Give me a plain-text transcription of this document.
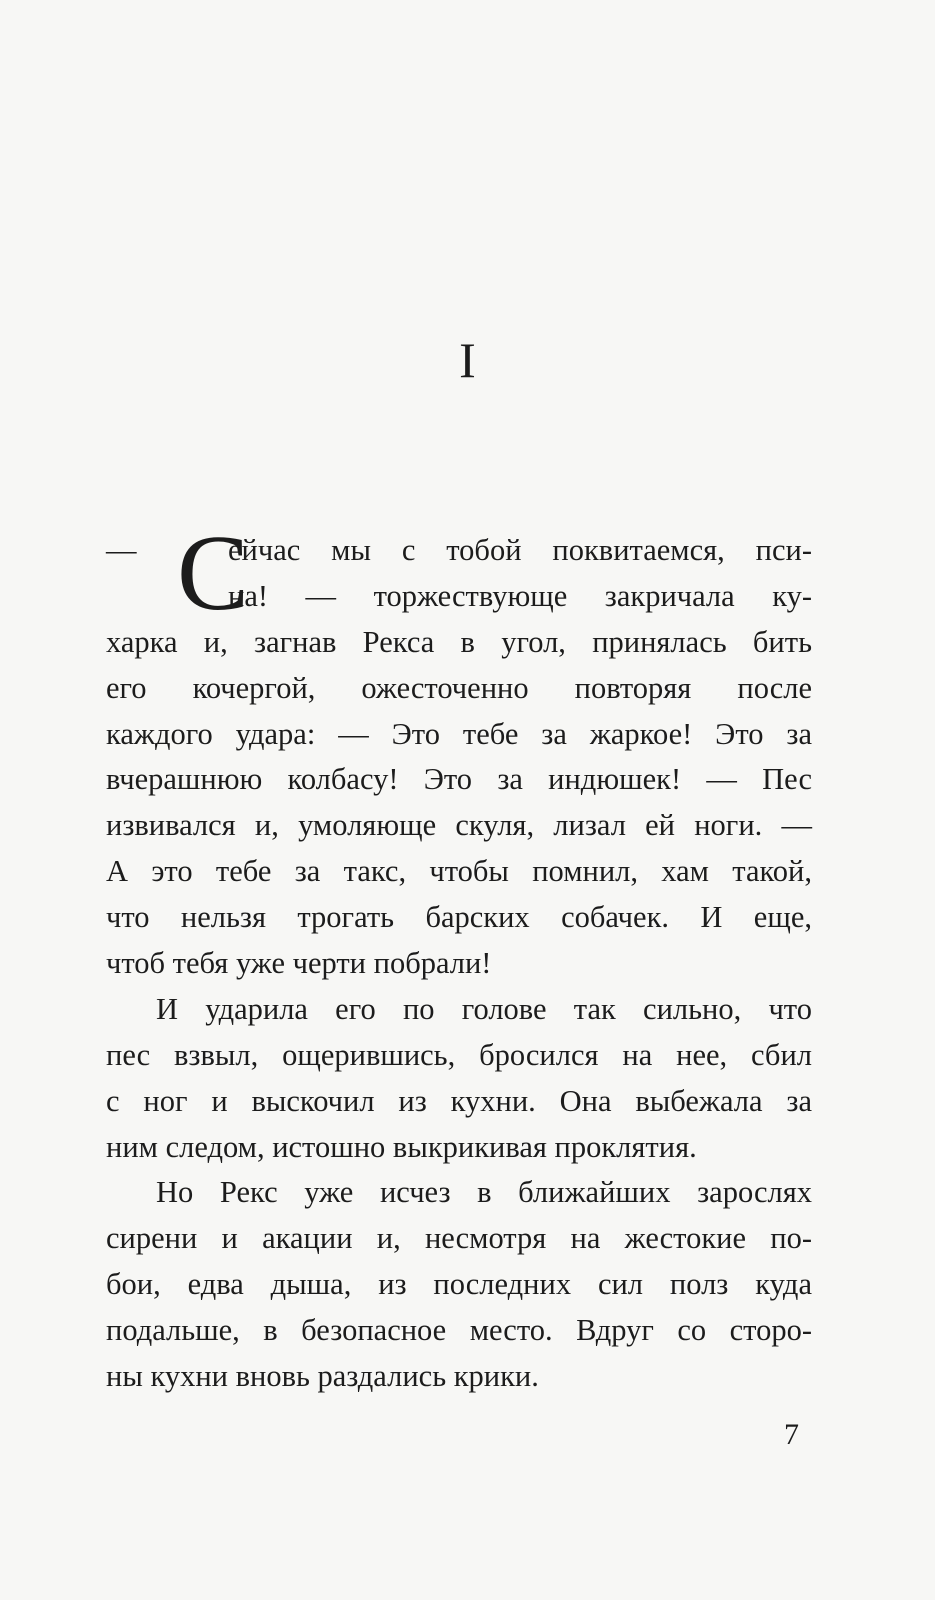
I
— С
ейчас мы с тобой поквитаемся, пси-
на! — торжествующе закричала ку-
харка и, загнав Рекса в угол, принялась бить
его кочергой, ожесточенно повторяя после
каждого удара: — Это тебе за жаркое! Это за
вчерашнюю колбасу! Это за индюшек! — Пес
извивался и, умоляюще скуля, лизал ей ноги. —
А это тебе за такс, чтобы помнил, хам такой,
что нельзя трогать барских собачек. И еще,
чтоб тебя уже черти побрали!
И ударила его по голове так сильно, что
пес взвыл, ощерившись, бросился на нее, сбил
с ног и выскочил из кухни. Она выбежала за
ним следом, истошно выкрикивая проклятия.
Но Рекс уже исчез в ближайших зарослях
сирени и акации и, несмотря на жестокие по-
бои, едва дыша, из последних сил полз куда
подальше, в безопасное место. Вдруг со сторо-
ны кухни вновь раздались крики.
7
